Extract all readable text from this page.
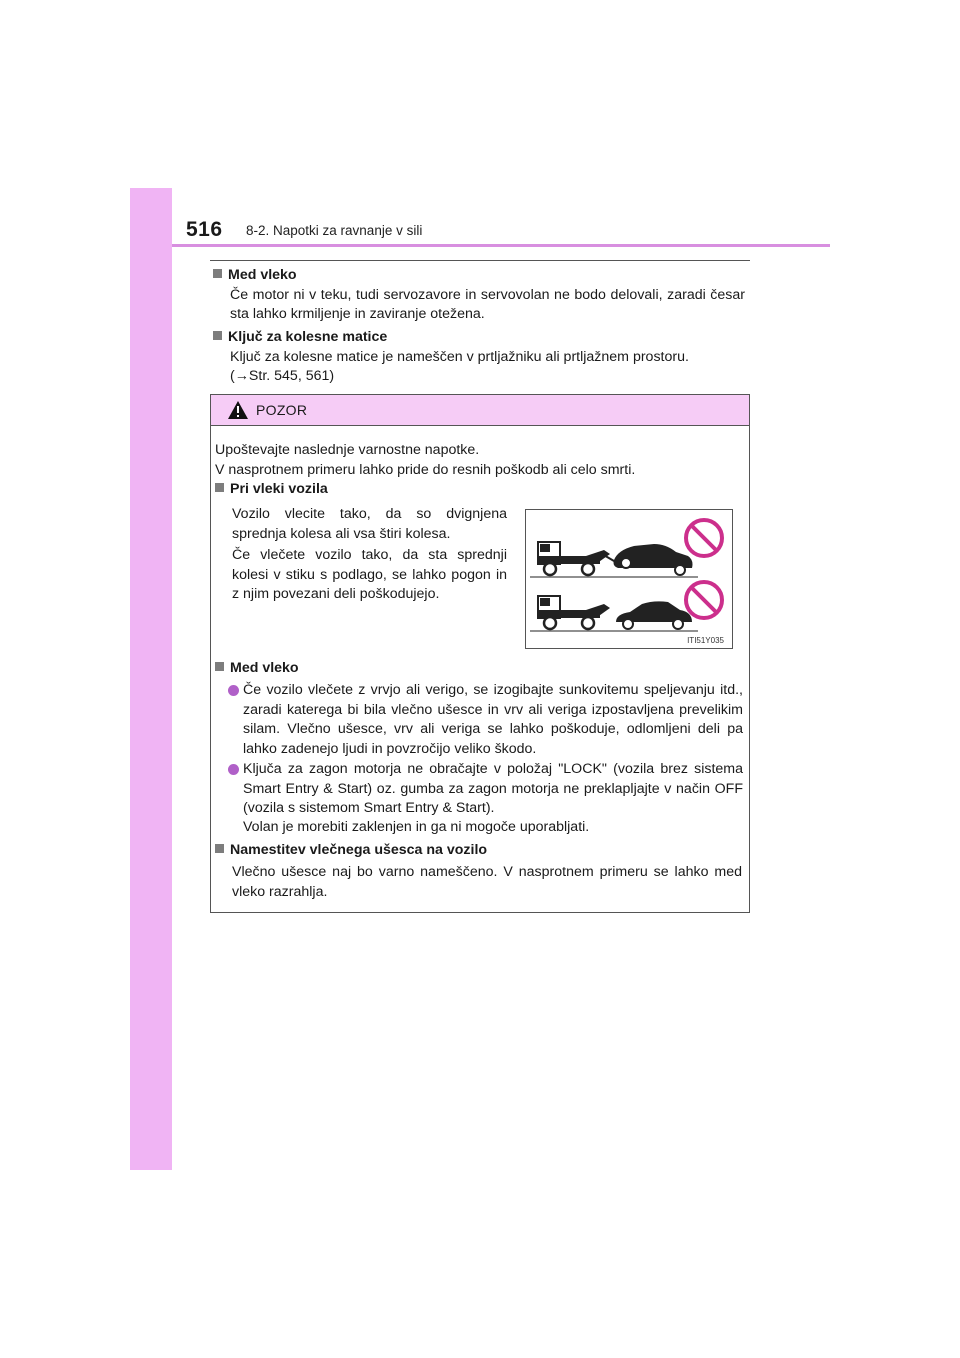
516 8-2. Napotki za ravnanje v sili
Med vleko
Če motor ni v teku, tudi servozavore in servovolan ne bodo delovali, zaradi česar sta lahko krmiljenje in zaviranje otežena.
Ključ za kolesne matice
Ključ za kolesne matice je nameščen v prtljažniku ali prtljažnem prostoru.
(→Str. 545, 561)
POZOR
Upoštevajte naslednje varnostne napotke.
V nasprotnem primeru lahko pride do resnih poškodb ali celo smrti.
Pri vleki vozila
Vozilo vlecite tako, da so dvignjena sprednja kolesa ali vsa štiri kolesa.
Če vlečete vozilo tako, da sta sprednji kolesi v stiku s podlago, se lahko pogon in z njim povezani deli poškodujejo.
ITI51Y035
Med vleko
Če vozilo vlečete z vrvjo ali verigo, se izogibajte sunkovitemu speljevanju itd., zaradi katerega bi bila vlečno ušesce in vrv ali veriga izpostavljena prevelikim silam. Vlečno ušesce, vrv ali veriga se lahko poškoduje, odlomljeni deli pa lahko zadenejo ljudi in povzročijo veliko škodo.
Ključa za zagon motorja ne obračajte v položaj "LOCK" (vozila brez sistema Smart Entry & Start) oz. gumba za zagon motorja ne preklapljajte v način OFF (vozila s sistemom Smart Entry & Start).
Volan je morebiti zaklenjen in ga ni mogoče uporabljati.
Namestitev vlečnega ušesca na vozilo
Vlečno ušesce naj bo varno nameščeno. V nasprotnem primeru se lahko med vleko razrahlja.
